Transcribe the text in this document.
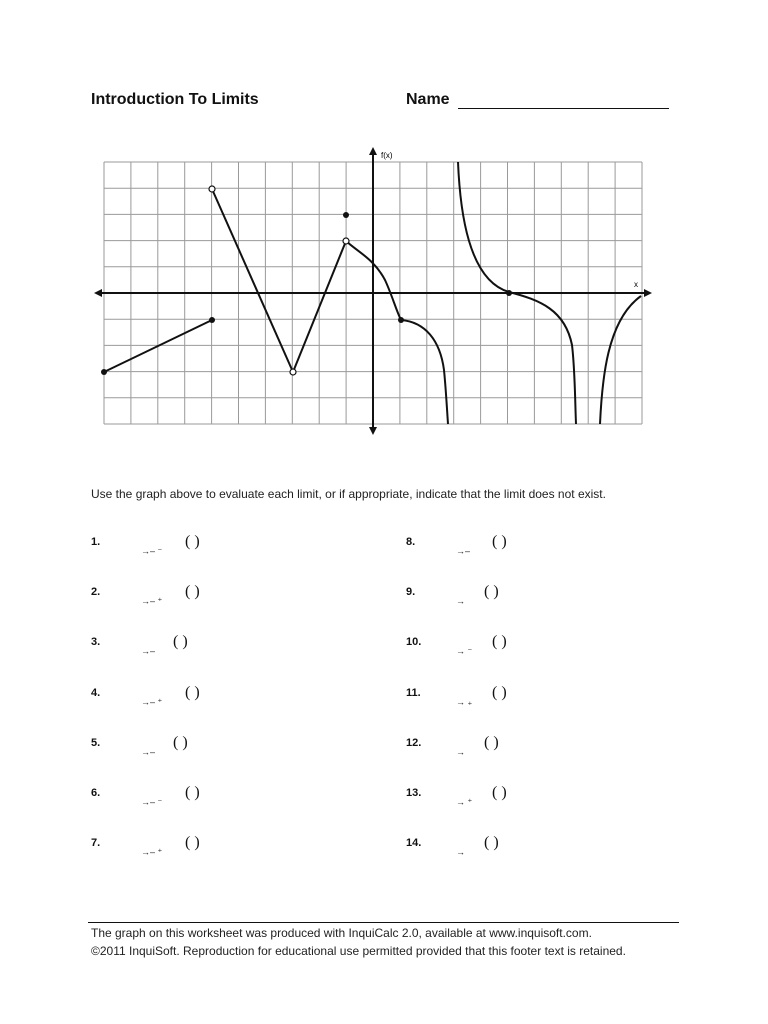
Introduction To Limits	Name
f(x)
x
Use the graph above to evaluate each limit, or if appropriate, indicate that the limit does not exist.
1.
→– ⁻
( )
2.
→– ⁺
( )
3.
→–
( )
4.
→– ⁺
( )
5.
→–
( )
6.
→– ⁻
( )
7.
→– ⁺
( )
8.
→–
( )
9.
→
( )
10.
→ ⁻
( )
11.
→ ₊
( )
12.
→
( )
13.
→ ⁺
( )
14.
→
( )
The graph on this worksheet was produced with InquiCalc 2.0, available at www.inquisoft.com.
©2011 InquiSoft. Reproduction for educational use permitted provided that this footer text is retained.
